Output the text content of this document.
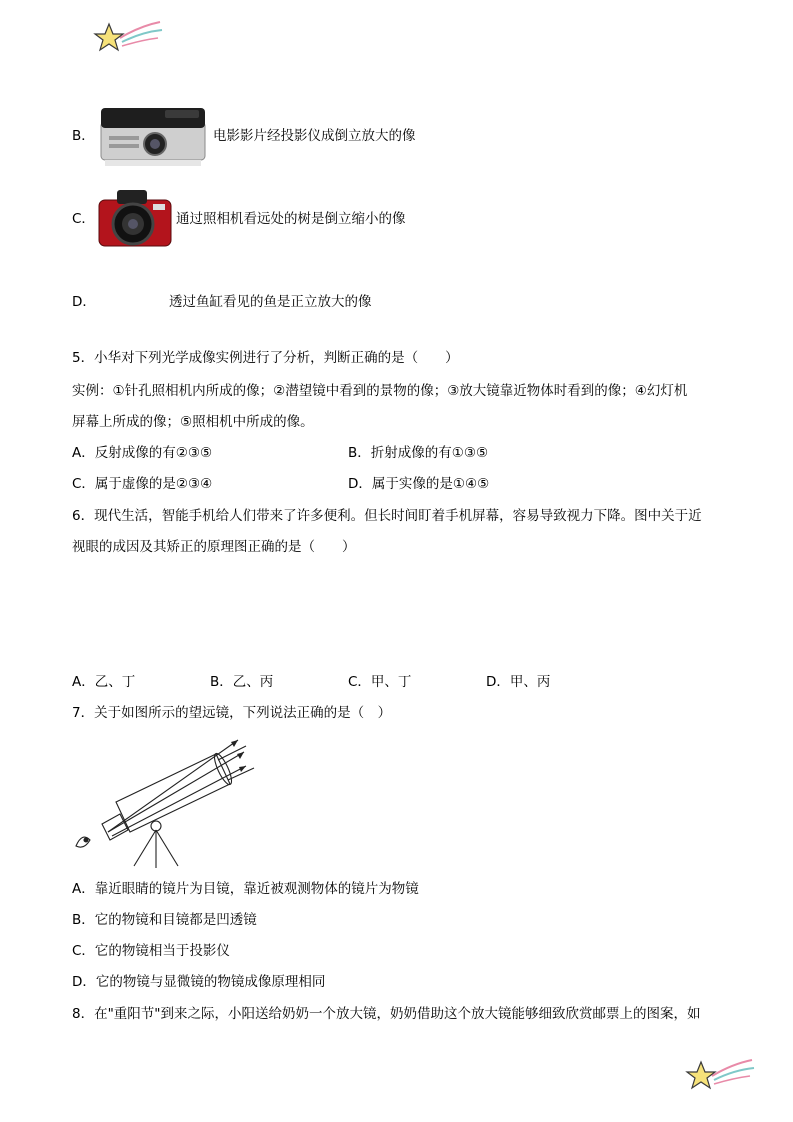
B．	电影影片经投影仪成倒立放大的像
C．	通过照相机看远处的树是倒立缩小的像
D．	透过鱼缸看见的鱼是正立放大的像
5．小华对下列光学成像实例进行了分析，判断正确的是（　　）
实例：①针孔照相机内所成的像；②潜望镜中看到的景物的像；③放大镜靠近物体时看到的像；④幻灯机
屏幕上所成的像；⑤照相机中所成的像。
A．反射成像的有②③⑤	B．折射成像的有①③⑤
C．属于虚像的是②③④	D．属于实像的是①④⑤
6．现代生活，智能手机给人们带来了许多便利。但长时间盯着手机屏幕，容易导致视力下降。图中关于近
视眼的成因及其矫正的原理图正确的是（　　）
A．乙、丁	B．乙、丙	C．甲、丁	D．甲、丙
7．关于如图所示的望远镜，下列说法正确的是（　）
A．靠近眼睛的镜片为目镜，靠近被观测物体的镜片为物镜
B．它的物镜和目镜都是凹透镜
C．它的物镜相当于投影仪
D．它的物镜与显微镜的物镜成像原理相同
8．在"重阳节"到来之际，小阳送给奶奶一个放大镜，奶奶借助这个放大镜能够细致欣赏邮票上的图案，如
